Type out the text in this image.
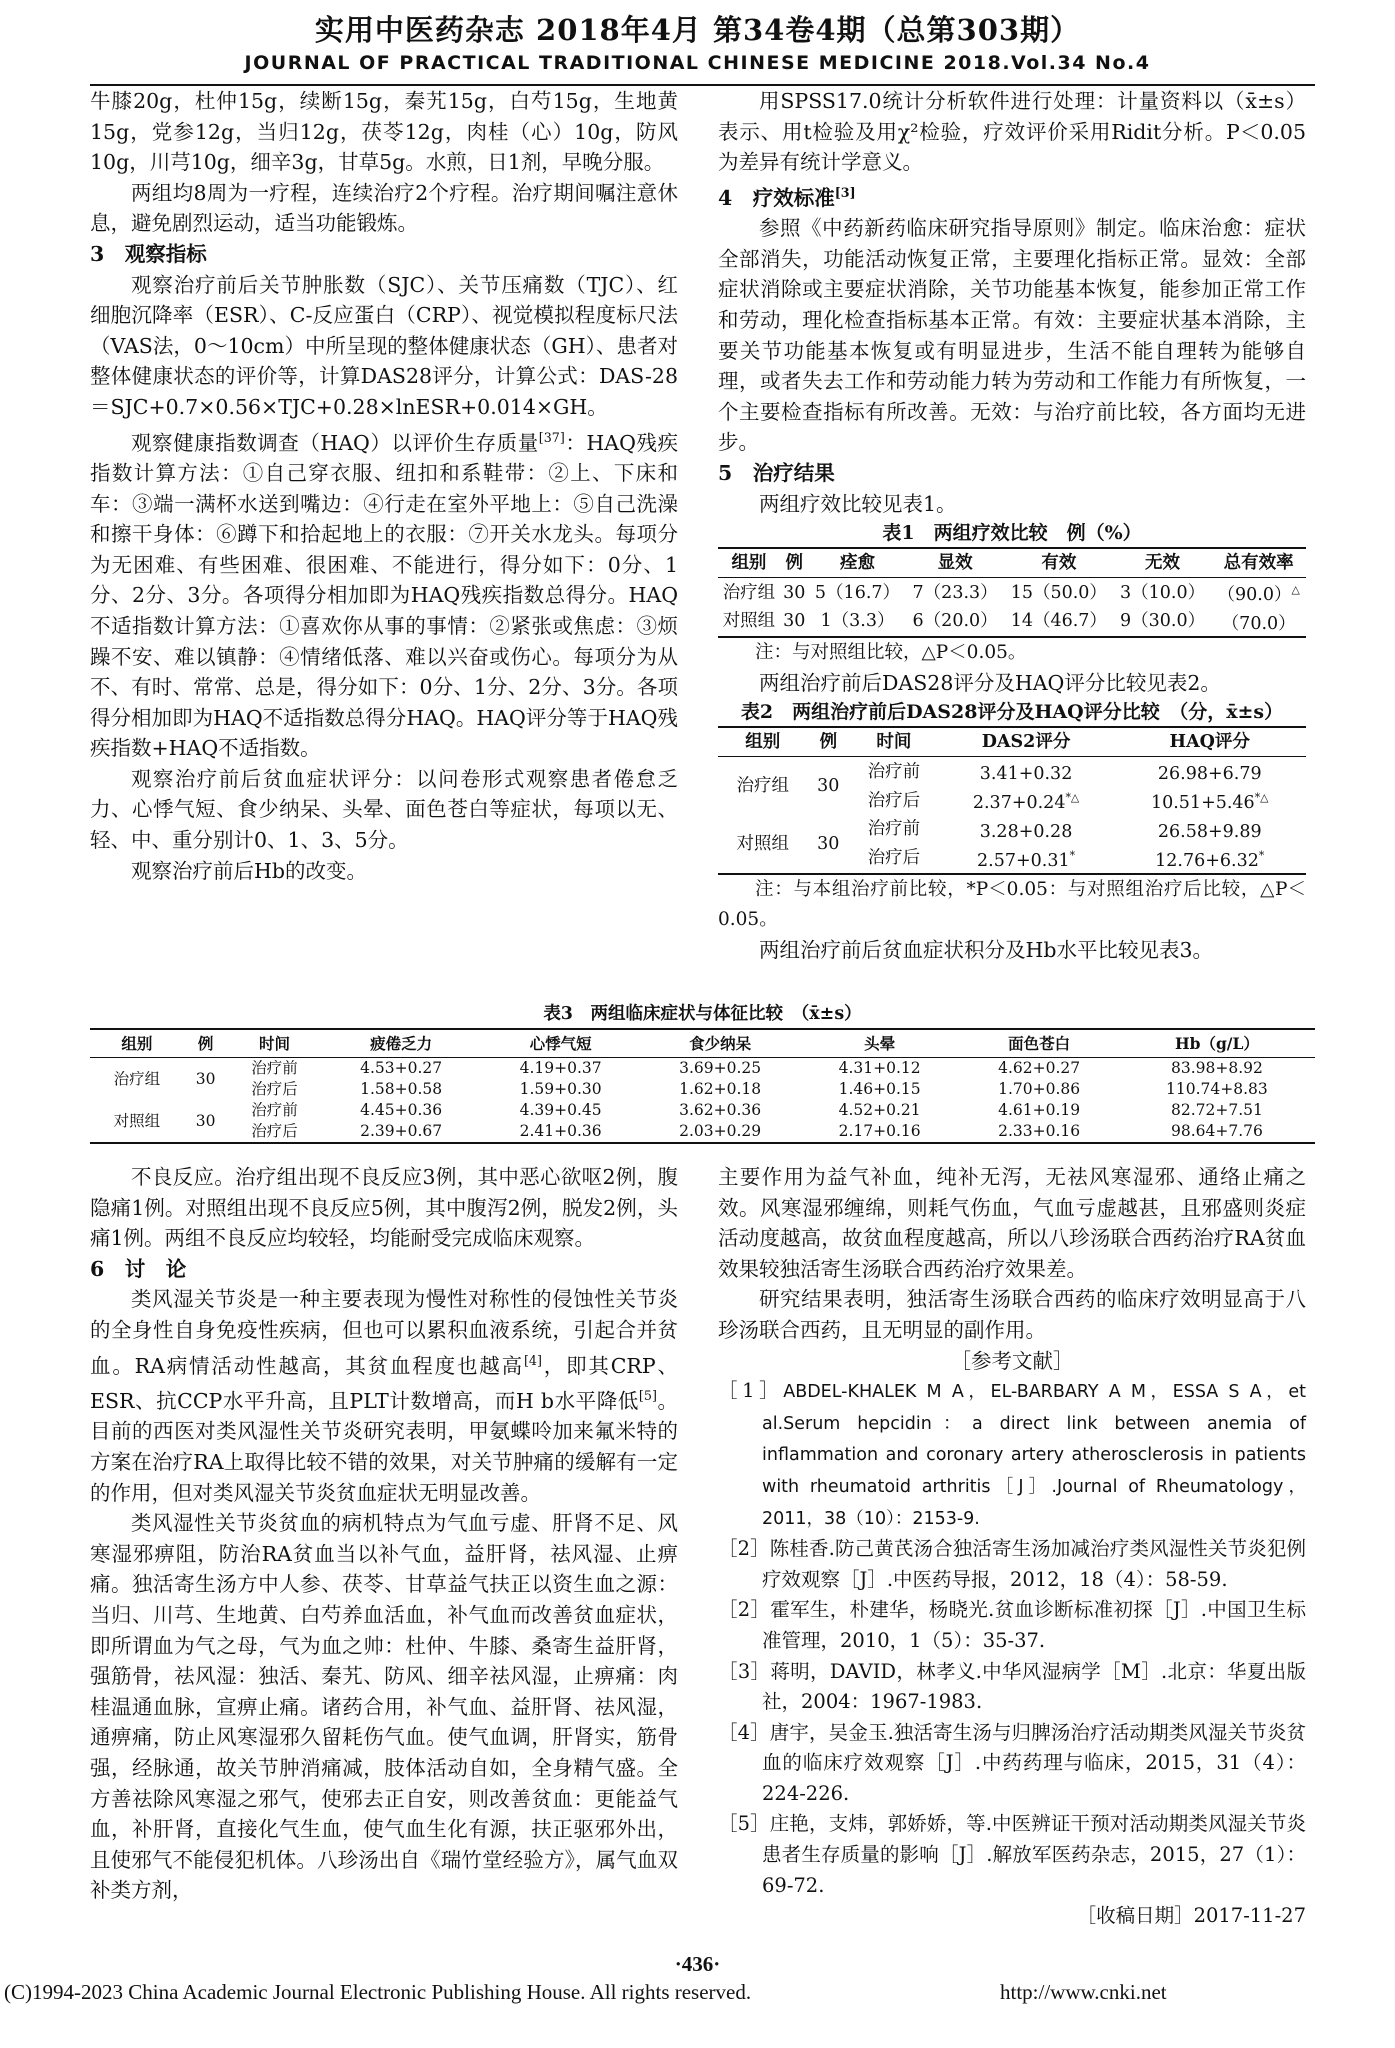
实用中医药杂志 2018年4月 第34卷4期（总第303期）
JOURNAL OF PRACTICAL TRADITIONAL CHINESE MEDICINE 2018.Vol.34 No.4

牛膝20g，杜仲15g，续断15g，秦艽15g，白芍15g，生地黄15g，党参12g，当归12g，茯苓12g，肉桂（心）10g，防风10g，川芎10g，细辛3g，甘草5g。水煎，日1剂，早晚分服。

两组均8周为一疗程，连续治疗2个疗程。治疗期间嘱注意休息，避免剧烈运动，适当功能锻炼。

3　观察指标

观察治疗前后关节肿胀数（SJC）、关节压痛数（TJC）、红细胞沉降率（ESR）、C-反应蛋白（CRP）、视觉模拟程度标尺法（VAS法，0～10cm）中所呈现的整体健康状态（GH）、患者对整体健康状态的评价等，计算DAS28评分，计算公式：DAS-28＝SJC+0.7×0.56×TJC+0.28×lnESR+0.014×GH。

观察健康指数调查（HAQ）以评价生存质量[37]：HAQ残疾指数计算方法：①自己穿衣服、纽扣和系鞋带：②上、下床和车：③端一满杯水送到嘴边：④行走在室外平地上：⑤自己洗澡和擦干身体：⑥蹲下和拾起地上的衣服：⑦开关水龙头。每项分为无困难、有些困难、很困难、不能进行，得分如下：0分、1分、2分、3分。各项得分相加即为HAQ残疾指数总得分。HAQ不适指数计算方法：①喜欢你从事的事情：②紧张或焦虑：③烦躁不安、难以镇静：④情绪低落、难以兴奋或伤心。每项分为从不、有时、常常、总是，得分如下：0分、1分、2分、3分。各项得分相加即为HAQ不适指数总得分HAQ。HAQ评分等于HAQ残疾指数+HAQ不适指数。

观察治疗前后贫血症状评分：以问卷形式观察患者倦怠乏力、心悸气短、食少纳呆、头晕、面色苍白等症状，每项以无、轻、中、重分别计0、1、3、5分。

观察治疗前后Hb的改变。

用SPSS17.0统计分析软件进行处理：计量资料以（x̄±s）表示、用t检验及用χ²检验，疗效评价采用Ridit分析。P＜0.05为差异有统计学意义。

4　疗效标准[3]

参照《中药新药临床研究指导原则》制定。临床治愈：症状全部消失，功能活动恢复正常，主要理化指标正常。显效：全部症状消除或主要症状消除，关节功能基本恢复，能参加正常工作和劳动，理化检查指标基本正常。有效：主要症状基本消除，主要关节功能基本恢复或有明显进步，生活不能自理转为能够自理，或者失去工作和劳动能力转为劳动和工作能力有所恢复，一个主要检查指标有所改善。无效：与治疗前比较，各方面均无进步。

5　治疗结果

两组疗效比较见表1。

表1　两组疗效比较　例（%）
组别	例	痊愈	显效	有效	无效	总有效率
治疗组	30	5（16.7）	7（23.3）	15（50.0）	3（10.0）	（90.0）△
对照组	30	1（3.3）	6（20.0）	14（46.7）	9（30.0）	（70.0）

注：与对照组比较，△P＜0.05。

两组治疗前后DAS28评分及HAQ评分比较见表2。

表2　两组治疗前后DAS28评分及HAQ评分比较　（分，x̄±s）
组别	例	时间	DAS2评分	HAQ评分
治疗组	30	治疗前	3.41+0.32	26.98+6.79
		治疗后	2.37+0.24*△	10.51+5.46*△
对照组	30	治疗前	3.28+0.28	26.58+9.89
		治疗后	2.57+0.31*	12.76+6.32*

注：与本组治疗前比较，*P＜0.05：与对照组治疗后比较，△P＜0.05。

两组治疗前后贫血症状积分及Hb水平比较见表3。

表3　两组临床症状与体征比较　（x̄±s）
组别	例	时间	疲倦乏力	心悸气短	食少纳呆	头晕	面色苍白	Hb（g/L）
治疗组	30	治疗前	4.53+0.27	4.19+0.37	3.69+0.25	4.31+0.12	4.62+0.27	83.98+8.92
		治疗后	1.58+0.58	1.59+0.30	1.62+0.18	1.46+0.15	1.70+0.86	110.74+8.83
对照组	30	治疗前	4.45+0.36	4.39+0.45	3.62+0.36	4.52+0.21	4.61+0.19	82.72+7.51
		治疗后	2.39+0.67	2.41+0.36	2.03+0.29	2.17+0.16	2.33+0.16	98.64+7.76

不良反应。治疗组出现不良反应3例，其中恶心欲呕2例，腹隐痛1例。对照组出现不良反应5例，其中腹泻2例，脱发2例，头痛1例。两组不良反应均较轻，均能耐受完成临床观察。

6　讨　论

类风湿关节炎是一种主要表现为慢性对称性的侵蚀性关节炎的全身性自身免疫性疾病，但也可以累积血液系统，引起合并贫血。RA病情活动性越高，其贫血程度也越高[4]，即其CRP、ESR、抗CCP水平升高，且PLT计数增高，而H b水平降低[5]。目前的西医对类风湿性关节炎研究表明，甲氨蝶呤加来氟米特的方案在治疗RA上取得比较不错的效果，对关节肿痛的缓解有一定的作用，但对类风湿关节炎贫血症状无明显改善。

类风湿性关节炎贫血的病机特点为气血亏虚、肝肾不足、风寒湿邪痹阻，防治RA贫血当以补气血，益肝肾，祛风湿、止痹痛。独活寄生汤方中人参、茯苓、甘草益气扶正以资生血之源：当归、川芎、生地黄、白芍养血活血，补气血而改善贫血症状，即所谓血为气之母，气为血之帅：杜仲、牛膝、桑寄生益肝肾，强筋骨，祛风湿：独活、秦艽、防风、细辛祛风湿，止痹痛：肉桂温通血脉，宣痹止痛。诸药合用，补气血、益肝肾、祛风湿，通痹痛，防止风寒湿邪久留耗伤气血。使气血调，肝肾实，筋骨强，经脉通，故关节肿消痛减，肢体活动自如，全身精气盛。全方善祛除风寒湿之邪气，使邪去正自安，则改善贫血：更能益气血，补肝肾，直接化气生血，使气血生化有源，扶正驱邪外出，且使邪气不能侵犯机体。八珍汤出自《瑞竹堂经验方》，属气血双补类方剂，

主要作用为益气补血，纯补无泻，无祛风寒湿邪、通络止痛之效。风寒湿邪缠绵，则耗气伤血，气血亏虚越甚，且邪盛则炎症活动度越高，故贫血程度越高，所以八珍汤联合西药治疗RA贫血效果较独活寄生汤联合西药治疗效果差。

研究结果表明，独活寄生汤联合西药的临床疗效明显高于八珍汤联合西药，且无明显的副作用。

［参考文献］

［1］ABDEL-KHALEK M A，EL-BARBARY A M，ESSA S A，et al.Serum hepcidin：a direct link between anemia of inflammation and coronary artery atherosclerosis in patients with rheumatoid arthritis［J］.Journal of Rheumatology，2011，38（10）：2153-9.

［2］陈桂香.防己黄芪汤合独活寄生汤加减治疗类风湿性关节炎犯例疗效观察［J］.中医药导报，2012，18（4）：58-59.

［2］霍军生，朴建华，杨晓光.贫血诊断标准初探［J］.中国卫生标准管理，2010，1（5）：35-37.

［3］蒋明，DAVID，林孝义.中华风湿病学［M］.北京：华夏出版社，2004：1967-1983.

［4］唐宇，吴金玉.独活寄生汤与归脾汤治疗活动期类风湿关节炎贫血的临床疗效观察［J］.中药药理与临床，2015，31（4）：224-226.

［5］庄艳，支炜，郭娇娇，等.中医辨证干预对活动期类风湿关节炎患者生存质量的影响［J］.解放军医药杂志，2015，27（1）：69-72.

［收稿日期］2017-11-27

·436·
(C)1994-2023 China Academic Journal Electronic Publishing House. All rights reserved.	http://www.cnki.net
